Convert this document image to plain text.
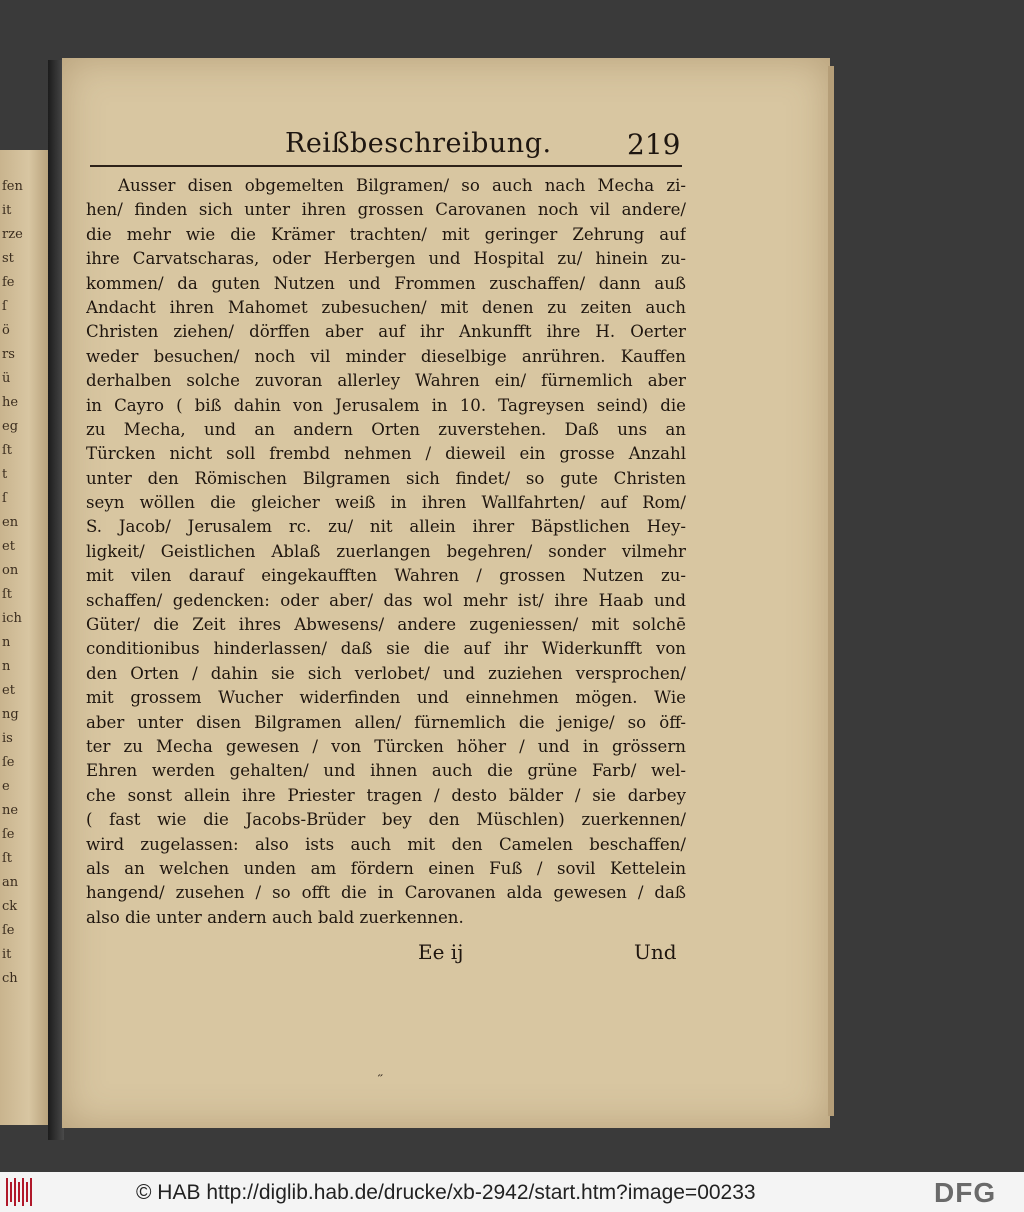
fen
it
rze
st
fe
ſ
ö
rs
ü
he
eg
ſt
t
ſ
en
et
on
ſt
ich
n
n
et
ng
is
ſe
e
ne
ſe
ſt
an
ck
ſe
it
ch
Reißbeschreibung.	219
Ausser disen obgemelten Bilgramen/ so auch nach Mecha zi-
hen/ finden sich unter ihren grossen Carovanen noch vil andere/
die mehr wie die Krämer trachten/ mit geringer Zehrung auf
ihre Carvatscharas, oder Herbergen und Hospital zu/ hinein zu-
kommen/ da guten Nutzen und Frommen zuschaffen/ dann auß
Andacht ihren Mahomet zubesuchen/ mit denen zu zeiten auch
Christen ziehen/ dörffen aber auf ihr Ankunfft ihre H. Oerter
weder besuchen/ noch vil minder dieselbige anrühren. Kauffen
derhalben solche zuvoran allerley Wahren ein/ fürnemlich aber
in Cayro ( biß dahin von Jerusalem in 10. Tagreysen seind) die
zu Mecha, und an andern Orten zuverstehen. Daß uns an
Türcken nicht soll frembd nehmen / dieweil ein grosse Anzahl
unter den Römischen Bilgramen sich findet/ so gute Christen
seyn wöllen die gleicher weiß in ihren Wallfahrten/ auf Rom/
S. Jacob/ Jerusalem rc. zu/ nit allein ihrer Bäpstlichen Hey-
ligkeit/ Geistlichen Ablaß zuerlangen begehren/ sonder vilmehr
mit vilen darauf eingekaufften Wahren / grossen Nutzen zu-
schaffen/ gedencken: oder aber/ das wol mehr ist/ ihre Haab und
Güter/ die Zeit ihres Abwesens/ andere zugeniessen/ mit solchē
conditionibus hinderlassen/ daß sie die auf ihr Widerkunfft von
den Orten / dahin sie sich verlobet/ und zuziehen versprochen/
mit grossem Wucher widerfinden und einnehmen mögen. Wie
aber unter disen Bilgramen allen/ fürnemlich die jenige/ so öff-
ter zu Mecha gewesen / von Türcken höher / und in grössern
Ehren werden gehalten/ und ihnen auch die grüne Farb/ wel-
che sonst allein ihre Priester tragen / desto bälder / sie darbey
( fast wie die Jacobs-Brüder bey den Müschlen) zuerkennen/
wird zugelassen: also ists auch mit den Camelen beschaffen/
als an welchen unden am fördern einen Fuß / sovil Kettelein
hangend/ zusehen / so offt die in Carovanen alda gewesen / daß
also die unter andern auch bald zuerkennen.
Ee ij	Und
˶
© HAB http://diglib.hab.de/drucke/xb-2942/start.htm?image=00233	DFG
